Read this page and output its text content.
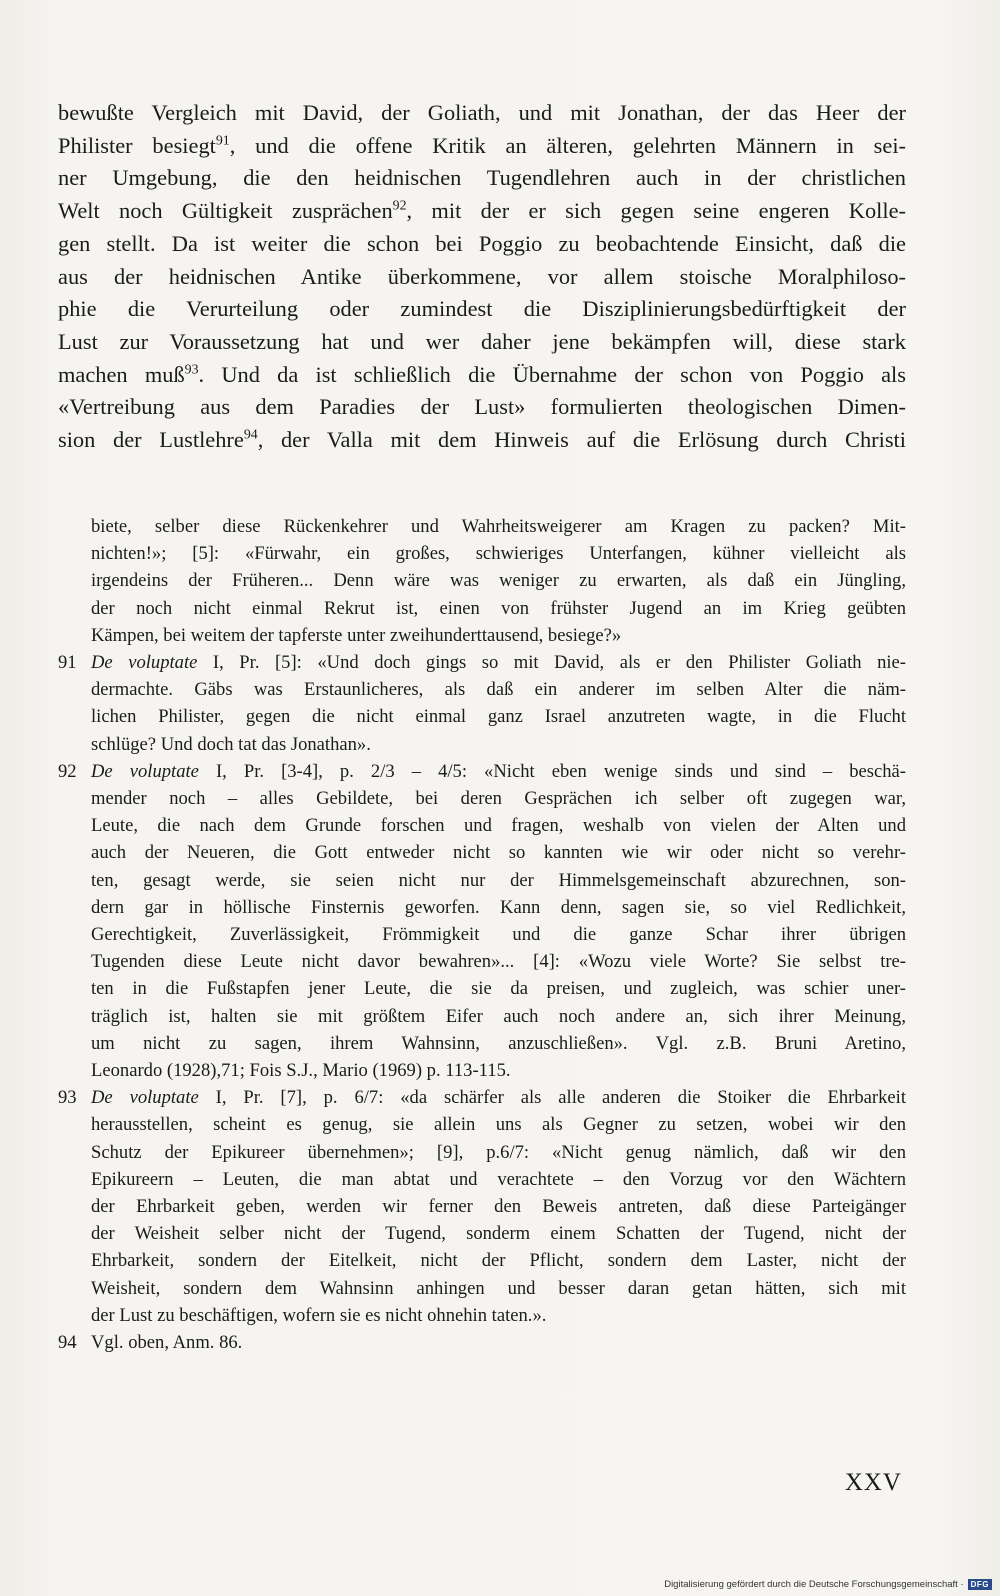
bewußte Vergleich mit David, der Goliath, und mit Jonathan, der das Heer der
Philister besiegt$^{91}$, und die offene Kritik an älteren, gelehrten Männern in sei-
ner Umgebung, die den heidnischen Tugendlehren auch in der christlichen
Welt noch Gültigkeit zusprächen$^{92}$, mit der er sich gegen seine engeren Kolle-
gen stellt. Da ist weiter die schon bei Poggio zu beobachtende Einsicht, daß die
aus der heidnischen Antike überkommene, vor allem stoische Moralphiloso-
phie die Verurteilung oder zumindest die Disziplinierungsbedürftigkeit der
Lust zur Voraussetzung hat und wer daher jene bekämpfen will, diese stark
machen muß$^{93}$. Und da ist schließlich die Übernahme der schon von Poggio als
«Vertreibung aus dem Paradies der Lust» formulierten theologischen Dimen-
sion der Lustlehre$^{94}$, der Valla mit dem Hinweis auf die Erlösung durch Christi
biete, selber diese Rückenkehrer und Wahrheitsweigerer am Kragen zu packen? Mit-
nichten!»; [5]: «Fürwahr, ein großes, schwieriges Unterfangen, kühner vielleicht als
irgendeins der Früheren... Denn wäre was weniger zu erwarten, als daß ein Jüngling,
der noch nicht einmal Rekrut ist, einen von frühster Jugend an im Krieg geübten
Kämpen, bei weitem der tapferste unter zweihunderttausend, besiege?»
91 De voluptate I, Pr. [5]: «Und doch gings so mit David, als er den Philister Goliath nie-
dermachte. Gäbs was Erstaunlicheres, als daß ein anderer im selben Alter die näm-
lichen Philister, gegen die nicht einmal ganz Israel anzutreten wagte, in die Flucht
schlüge? Und doch tat das Jonathan».
92 De voluptate I, Pr. [3-4], p. 2/3 – 4/5: «Nicht eben wenige sinds und sind – beschä-
mender noch – alles Gebildete, bei deren Gesprächen ich selber oft zugegen war,
Leute, die nach dem Grunde forschen und fragen, weshalb von vielen der Alten und
auch der Neueren, die Gott entweder nicht so kannten wie wir oder nicht so verehr-
ten, gesagt werde, sie seien nicht nur der Himmelsgemeinschaft abzurechnen, son-
dern gar in höllische Finsternis geworfen. Kann denn, sagen sie, so viel Redlichkeit,
Gerechtigkeit, Zuverlässigkeit, Frömmigkeit und die ganze Schar ihrer übrigen
Tugenden diese Leute nicht davor bewahren»... [4]: «Wozu viele Worte? Sie selbst tre-
ten in die Fußstapfen jener Leute, die sie da preisen, und zugleich, was schier uner-
träglich ist, halten sie mit größtem Eifer auch noch andere an, sich ihrer Meinung,
um nicht zu sagen, ihrem Wahnsinn, anzuschließen». Vgl. z.B. Bruni Aretino,
Leonardo (1928),71; Fois S.J., Mario (1969) p. 113-115.
93 De voluptate I, Pr. [7], p. 6/7: «da schärfer als alle anderen die Stoiker die Ehrbarkeit
herausstellen, scheint es genug, sie allein uns als Gegner zu setzen, wobei wir den
Schutz der Epikureer übernehmen»; [9], p.6/7: «Nicht genug nämlich, daß wir den
Epikureern – Leuten, die man abtat und verachtete – den Vorzug vor den Wächtern
der Ehrbarkeit geben, werden wir ferner den Beweis antreten, daß diese Parteigänger
der Weisheit selber nicht der Tugend, sonderm einem Schatten der Tugend, nicht der
Ehrbarkeit, sondern der Eitelkeit, nicht der Pflicht, sondern dem Laster, nicht der
Weisheit, sondern dem Wahnsinn anhingen und besser daran getan hätten, sich mit
der Lust zu beschäftigen, wofern sie es nicht ohnehin taten.».
94 Vgl. oben, Anm. 86.
XXV
Digitalisierung gefördert durch die Deutsche Forschungsgemeinschaft · DFG
